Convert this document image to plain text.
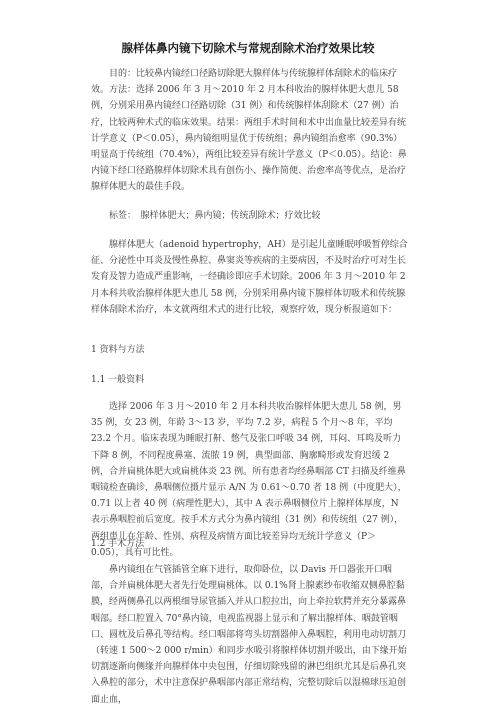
腺样体鼻内镜下切除术与常规刮除术治疗效果比较

目的：比较鼻内镜经口径路切除肥大腺样体与传统腺样体刮除术的临床疗效。方法：选择 2006 年 3 月～2010 年 2 月本科收治的腺样体肥大患儿 58 例，分别采用鼻内镜经口径路切除（31 例）和传统腺样体刮除术（27 例）治疗，比较两种术式的临床效果。结果：两组手术时间和术中出血量比较差异有统计学意义（P＜0.05），鼻内镜组明显优于传统组；鼻内镜组治愈率（90.3%）明显高于传统组（70.4%），两组比较差异有统计学意义（P＜0.05）。结论：鼻内镜下经口径路腺样体切除术具有创伤小、操作简便、治愈率高等优点，是治疗腺样体肥大的最佳手段。

标签：　腺样体肥大；鼻内镜；传统刮除术；疗效比较

腺样体肥大（adenoid hypertrophy，AH）是引起儿童睡眠呼吸暂停综合征、分泌性中耳炎及慢性鼻腔、鼻窦炎等疾病的主要病因，不及时治疗可对生长发育及智力造成严重影响，一经确诊即应手术切除。2006 年 3 月～2010 年 2 月本科共收治腺样体肥大患儿 58 例，分别采用鼻内镜下腺样体切吸术和传统腺样体刮除术治疗，本文就两组术式的进行比较，观察疗效，现分析报道如下：

1 资料与方法
1.1 一般资料

选择 2006 年 3 月～2010 年 2 月本科共收治腺样体肥大患儿 58 例，男 35 例，女 23 例，年龄 3～13 岁，平均 7.2 岁，病程 5 个月～8 年，平均 23.2 个月。临床表现为睡眠打鼾、憋气及张口呼吸 34 例，耳闷、耳鸣及听力下降 8 例，不同程度鼻塞、流脓 19 例，典型面部、胸廓畸形或发育迟缓 2 例，合并扁桃体肥大或扁桃体炎 23 例。所有患者均经鼻咽部 CT 扫描及纤维鼻咽镜检查确诊，鼻咽侧位摄片显示 A/N 为 0.61～0.70 者 18 例（中度肥大），0.71 以上者 40 例（病理性肥大），其中 A 表示鼻咽侧位片上腺样体厚度，N 表示鼻咽腔前后宽度。按手术方式分为鼻内镜组（31 例）和传统组（27 例），两组患儿在年龄、性别、病程及病情方面比较差异均无统计学意义（P＞0.05），具有可比性。

1.2 手术方法

鼻内镜组在气管插管全麻下进行，取仰卧位，以 Davis 开口器张开口咽部，合并扁桃体肥大者先行处理扁桃体。以 0.1%肾上腺素纱布收缩双侧鼻腔黏膜，经两侧鼻孔以两根细导尿管插入并从口腔拉出，向上牵拉软腭并充分暴露鼻咽部。经口腔置入 70°鼻内镜，电视监视器上显示和了解出腺样体、咽鼓管咽口、圆枕及后鼻孔等结构。经口咽部将弯头切割器伸入鼻咽腔，利用电动切割刀（转速 1 500～2 000 r/min）和同步水吸引将腺样体切割并吸出，由下缘开始切割逐渐向侧缘并向腺样体中央包围，仔细切除残留的淋巴组织尤其是后鼻孔突入鼻腔的部分，术中注意保护鼻咽部内部正常结构，完整切除后以湿棉球压迫创面止血，
